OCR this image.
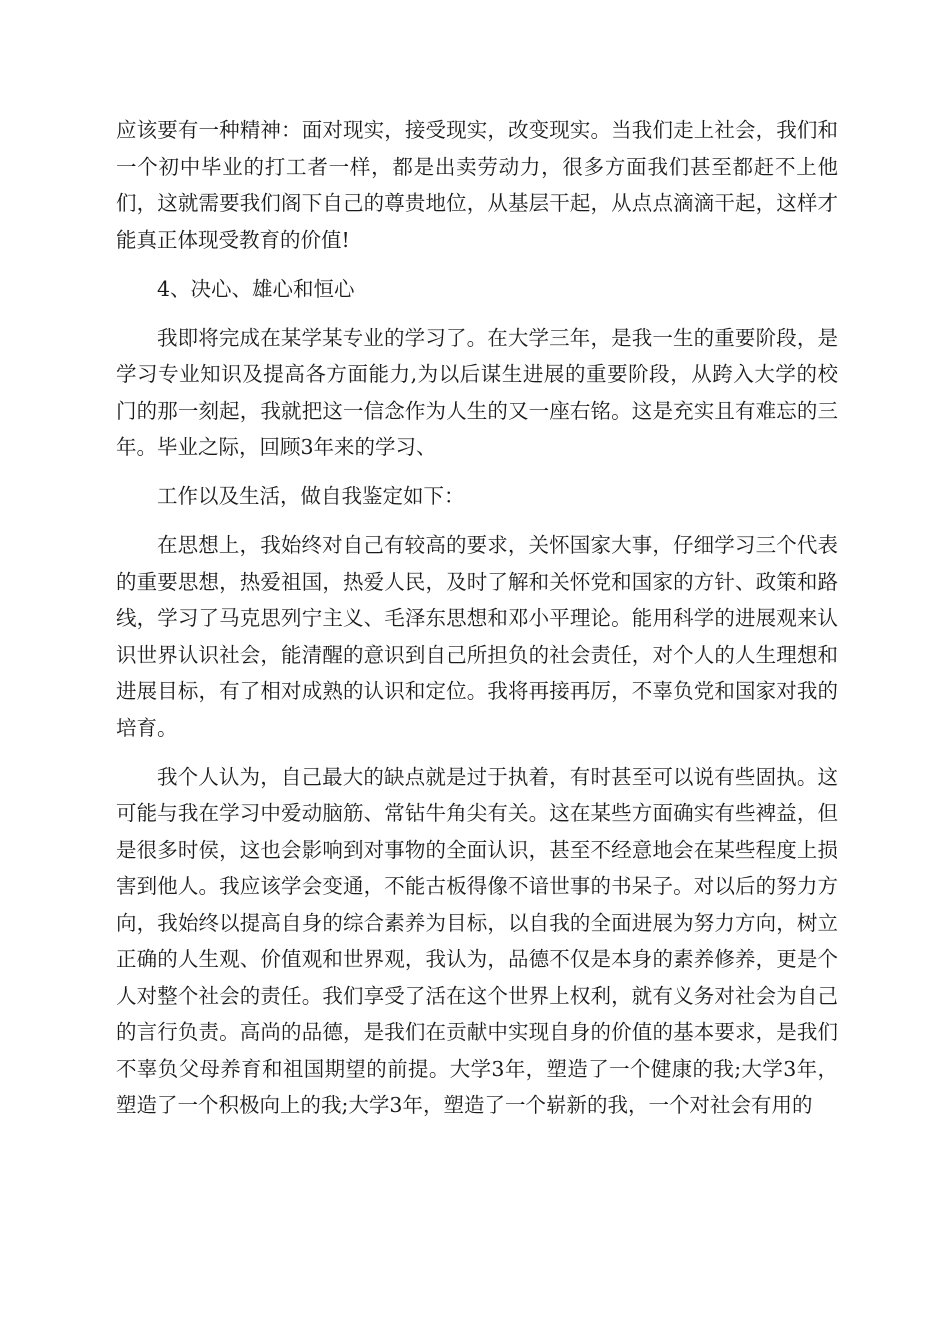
应该要有一种精神：面对现实，接受现实，改变现实。当我们走上社会，我们和一个初中毕业的打工者一样，都是出卖劳动力，很多方面我们甚至都赶不上他们，这就需要我们阁下自己的尊贵地位，从基层干起，从点点滴滴干起，这样才能真正体现受教育的价值!

4、决心、雄心和恒心

我即将完成在某学某专业的学习了。在大学三年，是我一生的重要阶段，是学习专业知识及提高各方面能力,为以后谋生进展的重要阶段，从跨入大学的校门的那一刻起，我就把这一信念作为人生的又一座右铭。这是充实且有难忘的三年。毕业之际，回顾3年来的学习、

工作以及生活，做自我鉴定如下：

在思想上，我始终对自己有较高的要求，关怀国家大事，仔细学习三个代表的重要思想，热爱祖国，热爱人民，及时了解和关怀党和国家的方针、政策和路线，学习了马克思列宁主义、毛泽东思想和邓小平理论。能用科学的进展观来认识世界认识社会，能清醒的意识到自己所担负的社会责任，对个人的人生理想和进展目标，有了相对成熟的认识和定位。我将再接再厉，不辜负党和国家对我的培育。

我个人认为，自己最大的缺点就是过于执着，有时甚至可以说有些固执。这可能与我在学习中爱动脑筋、常钻牛角尖有关。这在某些方面确实有些裨益，但是很多时侯，这也会影响到对事物的全面认识，甚至不经意地会在某些程度上损害到他人。我应该学会变通，不能古板得像不谙世事的书呆子。对以后的努力方向，我始终以提高自身的综合素养为目标，以自我的全面进展为努力方向，树立正确的人生观、价值观和世界观，我认为，品德不仅是本身的素养修养，更是个人对整个社会的责任。我们享受了活在这个世界上权利，就有义务对社会为自己的言行负责。高尚的品德，是我们在贡献中实现自身的价值的基本要求，是我们不辜负父母养育和祖国期望的前提。大学3年，塑造了一个健康的我;大学3年，塑造了一个积极向上的我;大学3年，塑造了一个崭新的我，一个对社会有用的
